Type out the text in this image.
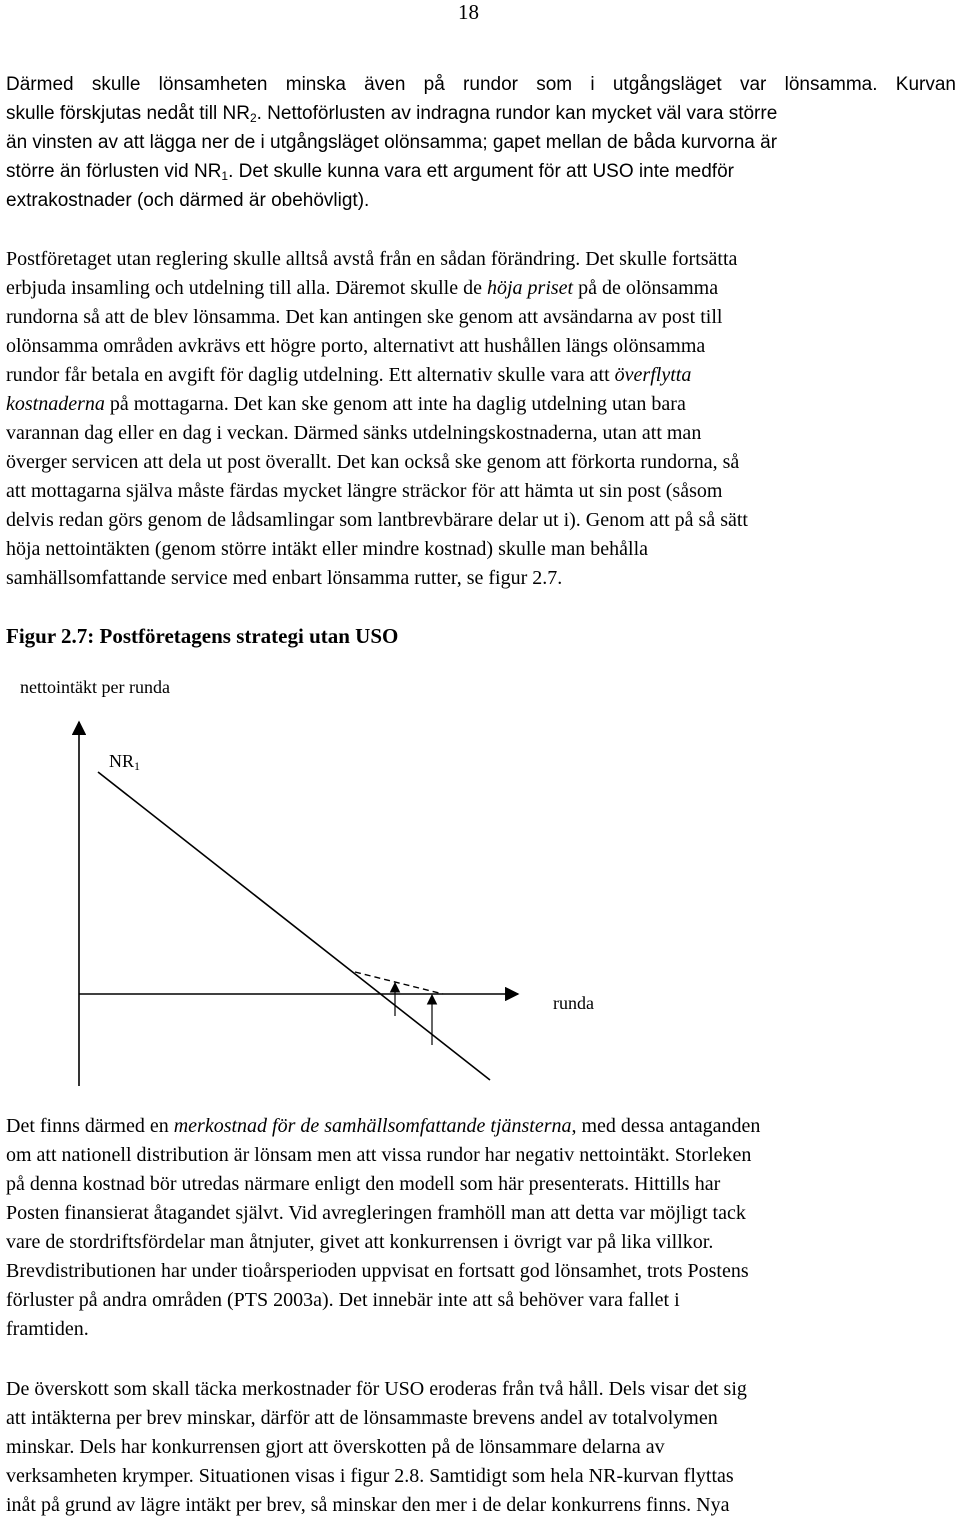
18
Därmed skulle lönsamheten minska även på rundor som i utgångsläget var lönsamma. Kurvan
skulle förskjutas nedåt till $NR_2$. Nettoförlusten av indragna rundor kan mycket väl vara större
än vinsten av att lägga ner de i utgångsläget olönsamma; gapet mellan de båda kurvorna är
större än förlusten vid $NR_1$. Det skulle kunna vara ett argument för att USO inte medför
extrakostnader (och därmed är obehövligt).
Postföretaget utan reglering skulle alltså avstå från en sådan förändring. Det skulle fortsätta
erbjuda insamling och utdelning till alla. Däremot skulle de höja priset på de olönsamma
rundorna så att de blev lönsamma. Det kan antingen ske genom att avsändarna av post till
olönsamma områden avkrävs ett högre porto, alternativt att hushållen längs olönsamma
rundor får betala en avgift för daglig utdelning. Ett alternativ skulle vara att överflytta
kostnaderna på mottagarna. Det kan ske genom att inte ha daglig utdelning utan bara
varannan dag eller en dag i veckan. Därmed sänks utdelningskostnaderna, utan att man
överger servicen att dela ut post överallt. Det kan också ske genom att förkorta rundorna, så
att mottagarna själva måste färdas mycket längre sträckor för att hämta ut sin post (såsom
delvis redan görs genom de lådsamlingar som lantbrevbärare delar ut i). Genom att på så sätt
höja nettointäkten (genom större intäkt eller mindre kostnad) skulle man behålla
samhällsomfattande service med enbart lönsamma rutter, se figur 2.7.

Figur 2.7: Postföretagens strategi utan USO

nettointäkt per runda
$NR_1$
runda
Det finns därmed en merkostnad för de samhällsomfattande tjänsterna, med dessa antaganden
om att nationell distribution är lönsam men att vissa rundor har negativ nettointäkt. Storleken
på denna kostnad bör utredas närmare enligt den modell som här presenterats. Hittills har
Posten finansierat åtagandet självt. Vid avregleringen framhöll man att detta var möjligt tack
vare de stordriftsfördelar man åtnjuter, givet att konkurrensen i övrigt var på lika villkor.
Brevdistributionen har under tioårsperioden uppvisat en fortsatt god lönsamhet, trots Postens
förluster på andra områden (PTS 2003a). Det innebär inte att så behöver vara fallet i
framtiden.
De överskott som skall täcka merkostnader för USO eroderas från två håll. Dels visar det sig
att intäkterna per brev minskar, därför att de lönsammaste brevens andel av totalvolymen
minskar. Dels har konkurrensen gjort att överskotten på de lönsammare delarna av
verksamheten krymper. Situationen visas i figur 2.8. Samtidigt som hela NR-kurvan flyttas
inåt på grund av lägre intäkt per brev, så minskar den mer i de delar konkurrens finns. Nya
